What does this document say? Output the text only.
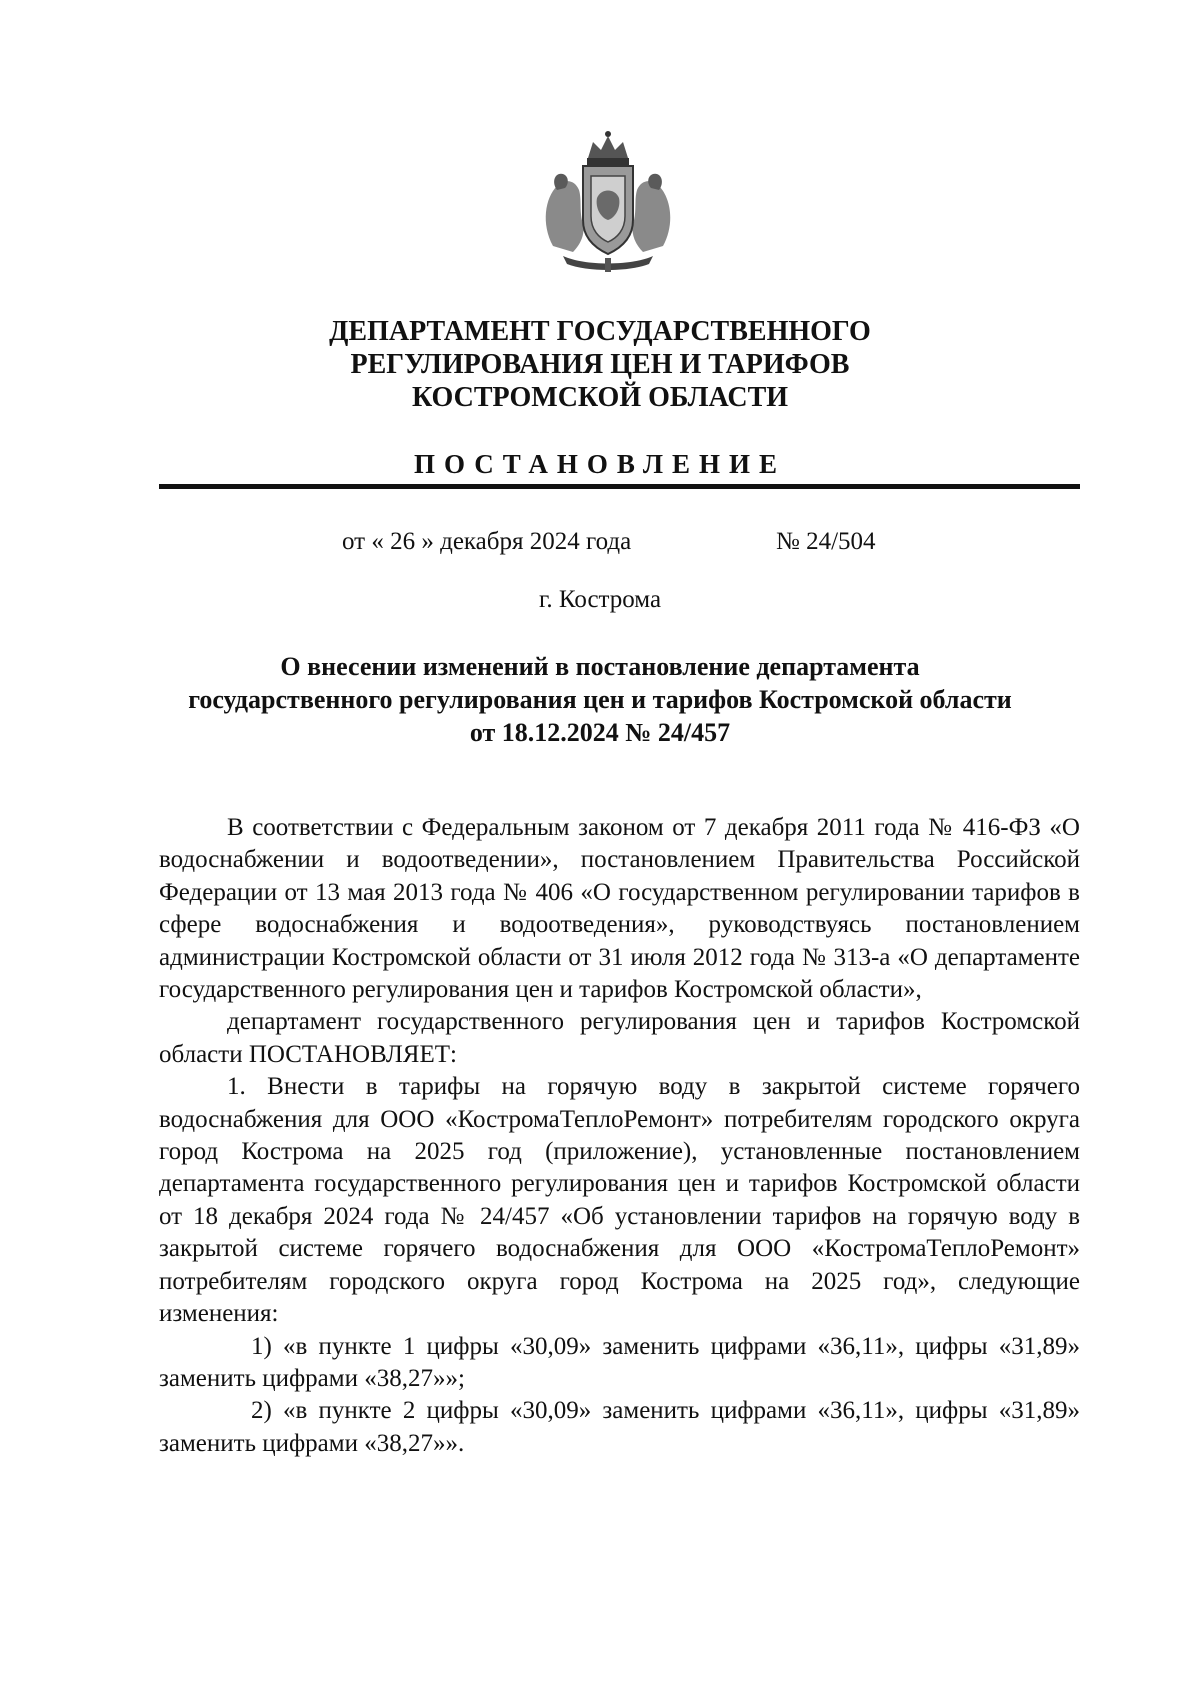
ДЕПАРТАМЕНТ ГОСУДАРСТВЕННОГО
РЕГУЛИРОВАНИЯ ЦЕН И ТАРИФОВ
КОСТРОМСКОЙ ОБЛАСТИ
ПОСТАНОВЛЕНИЕ
от « 26 » декабря 2024 года	№ 24/504
г. Кострома
О внесении изменений в постановление департамента
государственного регулирования цен и тарифов Костромской области
от 18.12.2024 № 24/457

В соответствии с Федеральным законом от 7 декабря 2011 года № 416-ФЗ «О водоснабжении и водоотведении», постановлением Правительства Российской Федерации от 13 мая 2013 года № 406 «О государственном регулировании тарифов в сфере водоснабжения и водоотведения», руководствуясь постановлением администрации Костромской области от 31 июля 2012 года № 313-а «О департаменте государственного регулирования цен и тарифов Костромской области»,

департамент государственного регулирования цен и тарифов Костромской области ПОСТАНОВЛЯЕТ:

1. Внести в тарифы на горячую воду в закрытой системе горячего водоснабжения для ООО «КостромаТеплоРемонт» потребителям городского округа город Кострома на 2025 год (приложение), установленные постановлением департамента государственного регулирования цен и тарифов Костромской области от 18 декабря 2024 года № 24/457 «Об установлении тарифов на горячую воду в закрытой системе горячего водоснабжения для ООО «КостромаТеплоРемонт» потребителям городского округа город Кострома на 2025 год», следующие изменения:

1) «в пункте 1 цифры «30,09» заменить цифрами «36,11», цифры «31,89» заменить цифрами «38,27»»;

2) «в пункте 2 цифры «30,09» заменить цифрами «36,11», цифры «31,89» заменить цифрами «38,27»».
